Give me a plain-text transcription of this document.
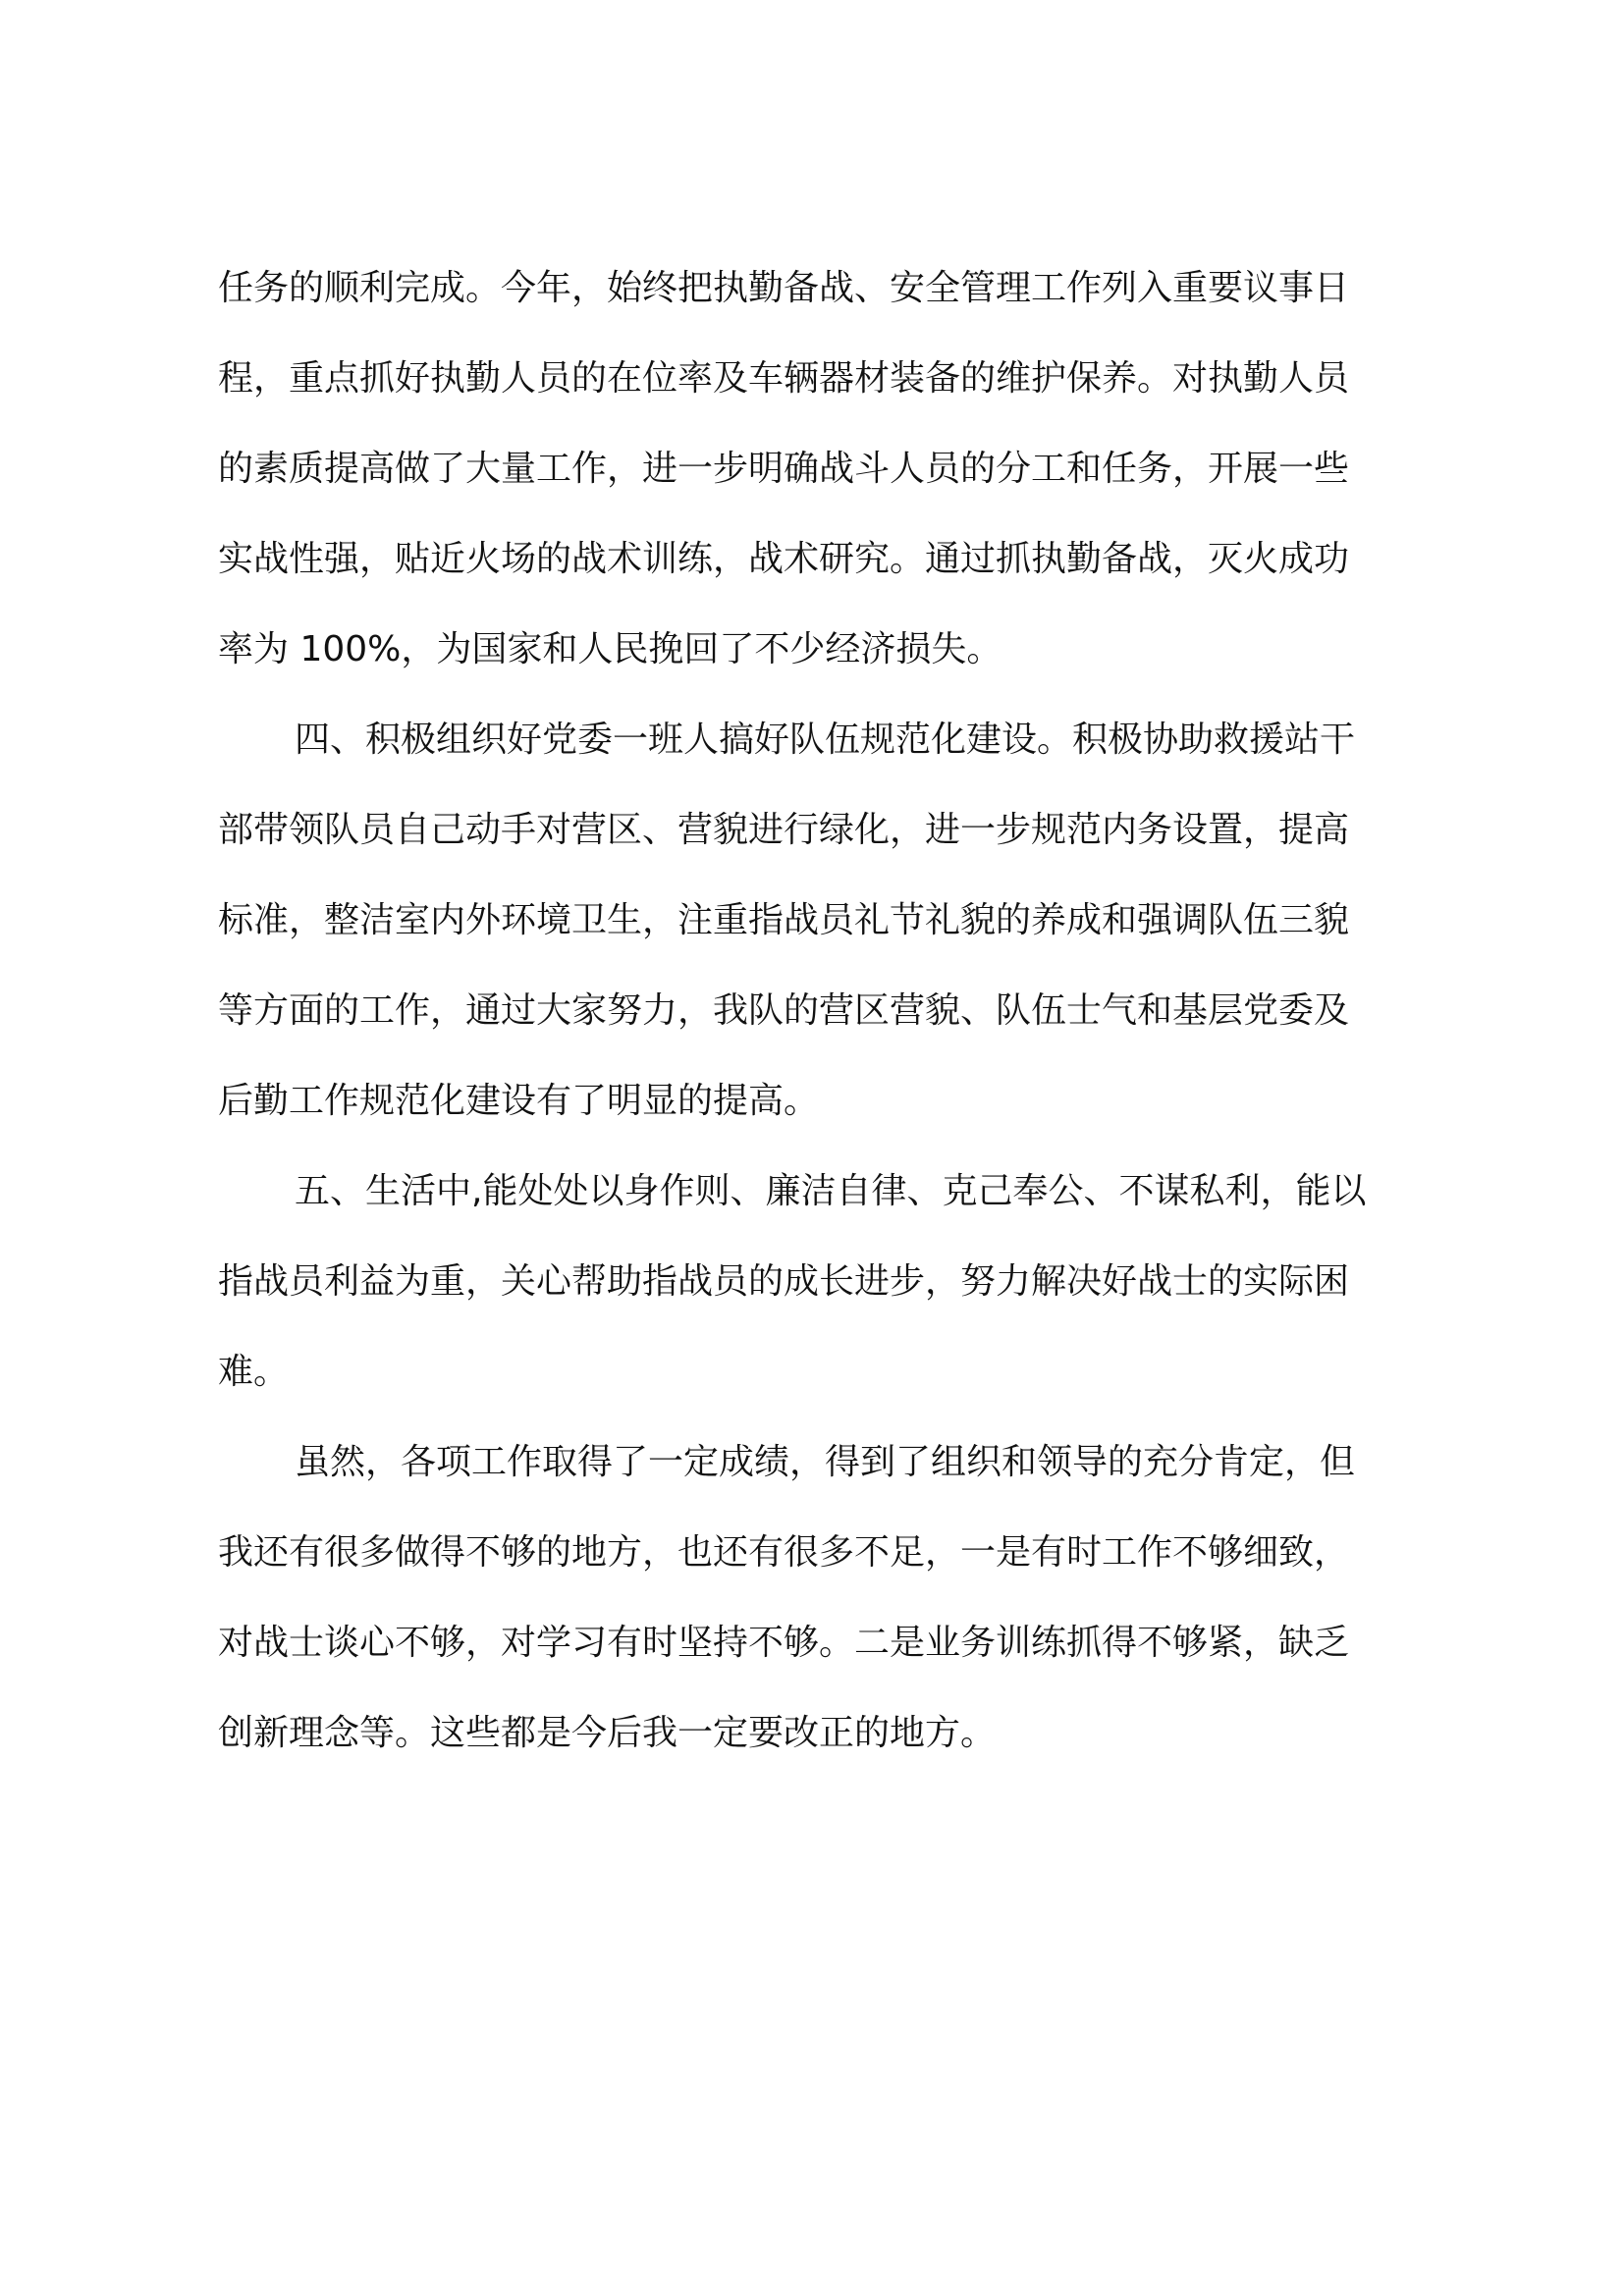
任务的顺利完成。今年，始终把执勤备战、安全管理工作列入重要议事日
程，重点抓好执勤人员的在位率及车辆器材装备的维护保养。对执勤人员
的素质提高做了大量工作，进一步明确战斗人员的分工和任务，开展一些
实战性强，贴近火场的战术训练，战术研究。通过抓执勤备战，灭火成功
率为 100%，为国家和人民挽回了不少经济损失。
四、积极组织好党委一班人搞好队伍规范化建设。积极协助救援站干
部带领队员自己动手对营区、营貌进行绿化，进一步规范内务设置，提高
标准，整洁室内外环境卫生，注重指战员礼节礼貌的养成和强调队伍三貌
等方面的工作，通过大家努力，我队的营区营貌、队伍士气和基层党委及
后勤工作规范化建设有了明显的提高。
五、生活中,能处处以身作则、廉洁自律、克己奉公、不谋私利，能以
指战员利益为重，关心帮助指战员的成长进步，努力解决好战士的实际困
难。
虽然，各项工作取得了一定成绩，得到了组织和领导的充分肯定，但
我还有很多做得不够的地方，也还有很多不足，一是有时工作不够细致，
对战士谈心不够，对学习有时坚持不够。二是业务训练抓得不够紧，缺乏
创新理念等。这些都是今后我一定要改正的地方。
